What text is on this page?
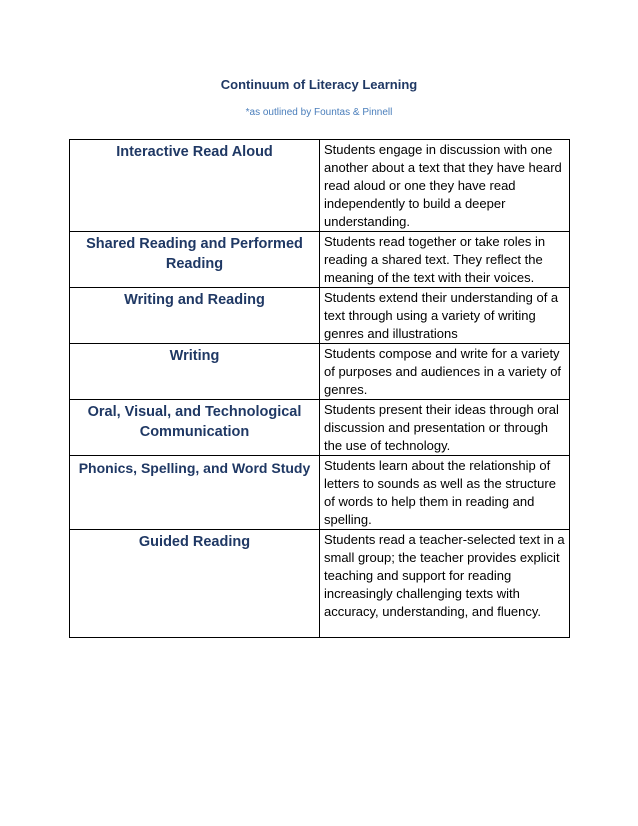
Continuum of Literacy Learning
*as outlined by Fountas & Pinnell
Interactive Read Aloud	Students engage in discussion with one another about a text that they have heard read aloud or one they have read independently to build a deeper understanding.
Shared Reading and Performed Reading	Students read together or take roles in reading a shared text. They reflect the meaning of the text with their voices.
Writing and Reading	Students extend their understanding of a text through using a variety of writing genres and illustrations
Writing	Students compose and write for a variety of purposes and audiences in a variety of genres.
Oral, Visual, and Technological Communication	Students present their ideas through oral discussion and presentation or through the use of technology.
Phonics, Spelling, and Word Study	Students learn about the relationship of letters to sounds as well as the structure of words to help them in reading and spelling.
Guided Reading	Students read a teacher-selected text in a small group; the teacher provides explicit teaching and support for reading increasingly challenging texts with accuracy, understanding, and fluency.
